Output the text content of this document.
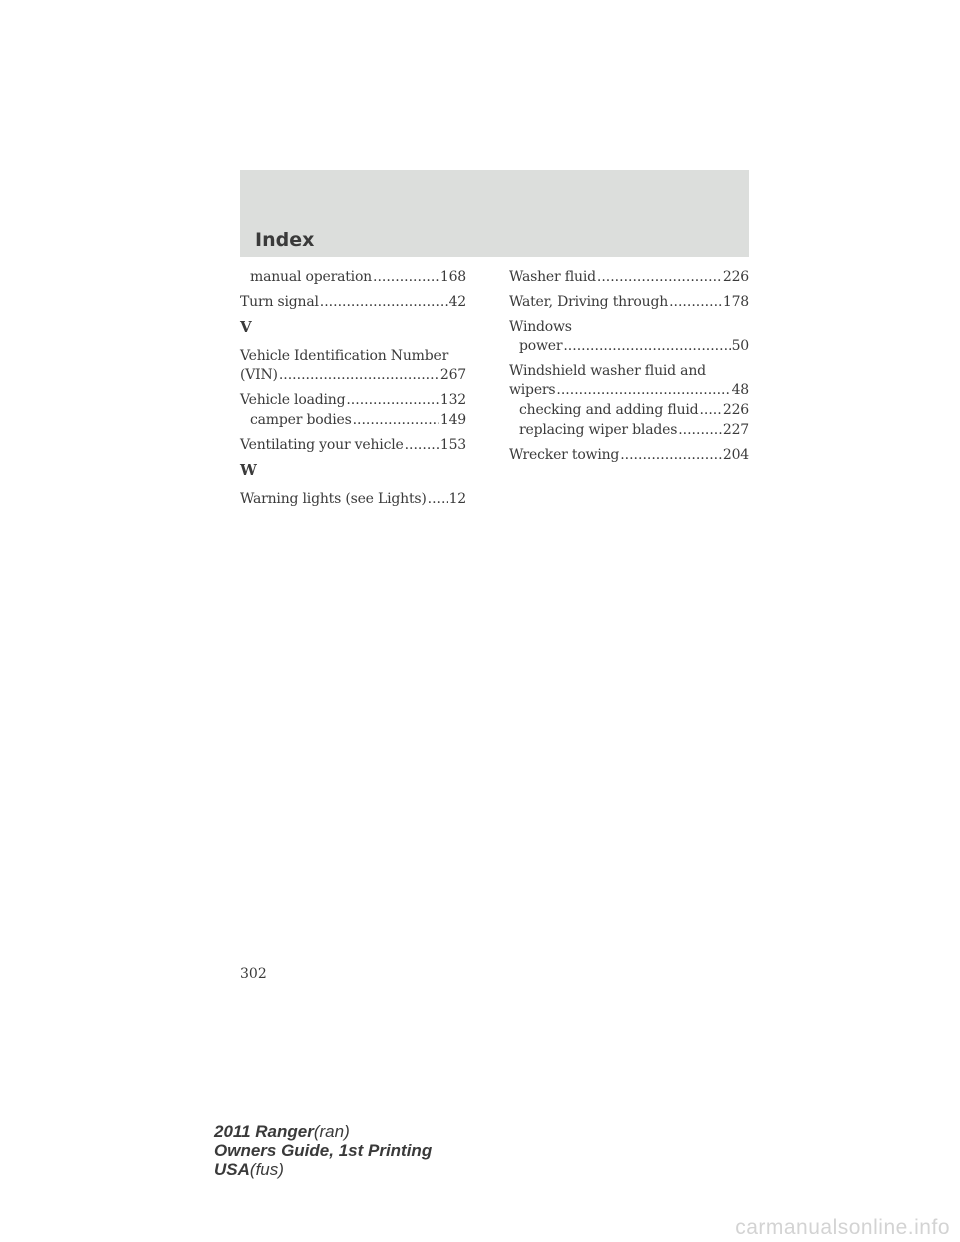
Index
manual operation .....	168
Turn signal .....	42
V
Vehicle Identification Number
(VIN) .....	267
Vehicle loading .....	132
camper bodies .....	149
Ventilating your vehicle .....	153
W
Warning lights (see Lights) ..... 12
Washer fluid .....	226
Water, Driving through .....	178
Windows
power .....	50
Windshield washer fluid and
wipers .....	48
checking and adding fluid ..... 226
replacing wiper blades .....	227
Wrecker towing .....	204
302
2011 Ranger(ran)
Owners Guide, 1st Printing
USA(fus)
carmanualsonline.info
